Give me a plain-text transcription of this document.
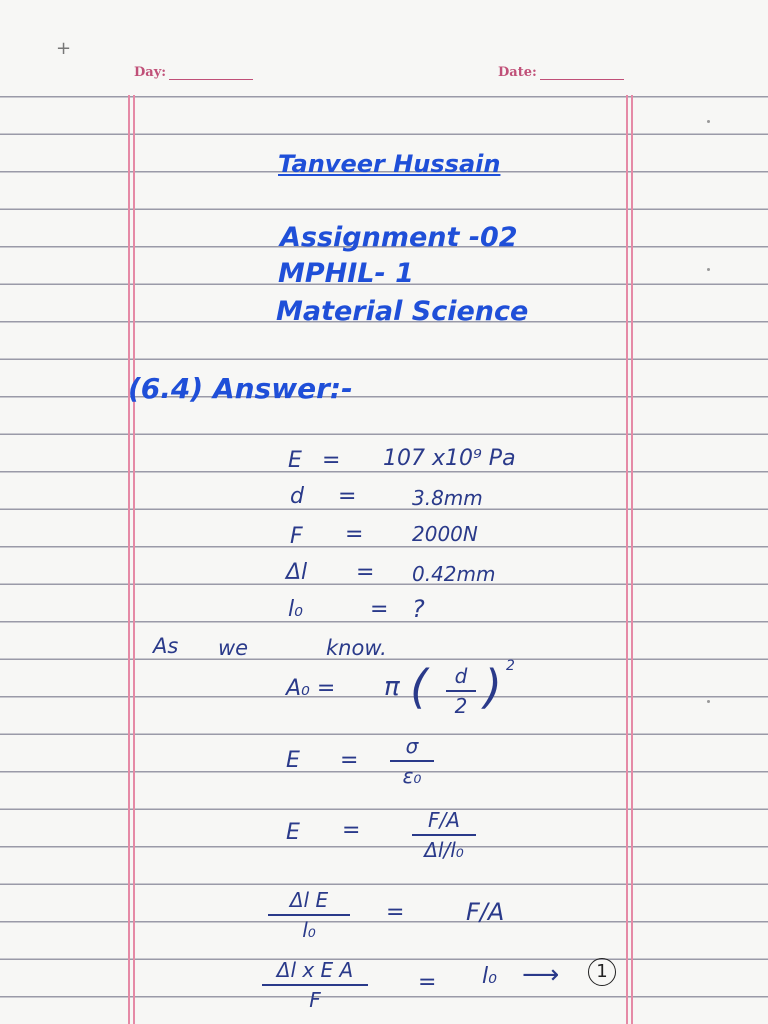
+
Day:	Date:
Tanveer Hussain
Assignment -02
MPHIL- 1
Material Science
(6.4) Answer:-
E = 107 x10⁹ Pa
d =	3.8mm
F = 2000N
Δl = 0.42mm
l₀	= ?
As we	know.
A₀ = π (	d
2 ) 2
E =
σ
ε₀
E =	F/A
Δl/l₀
Δl E
l₀
=	F/A
Δl x E A
F
= l₀ ⟶	1
